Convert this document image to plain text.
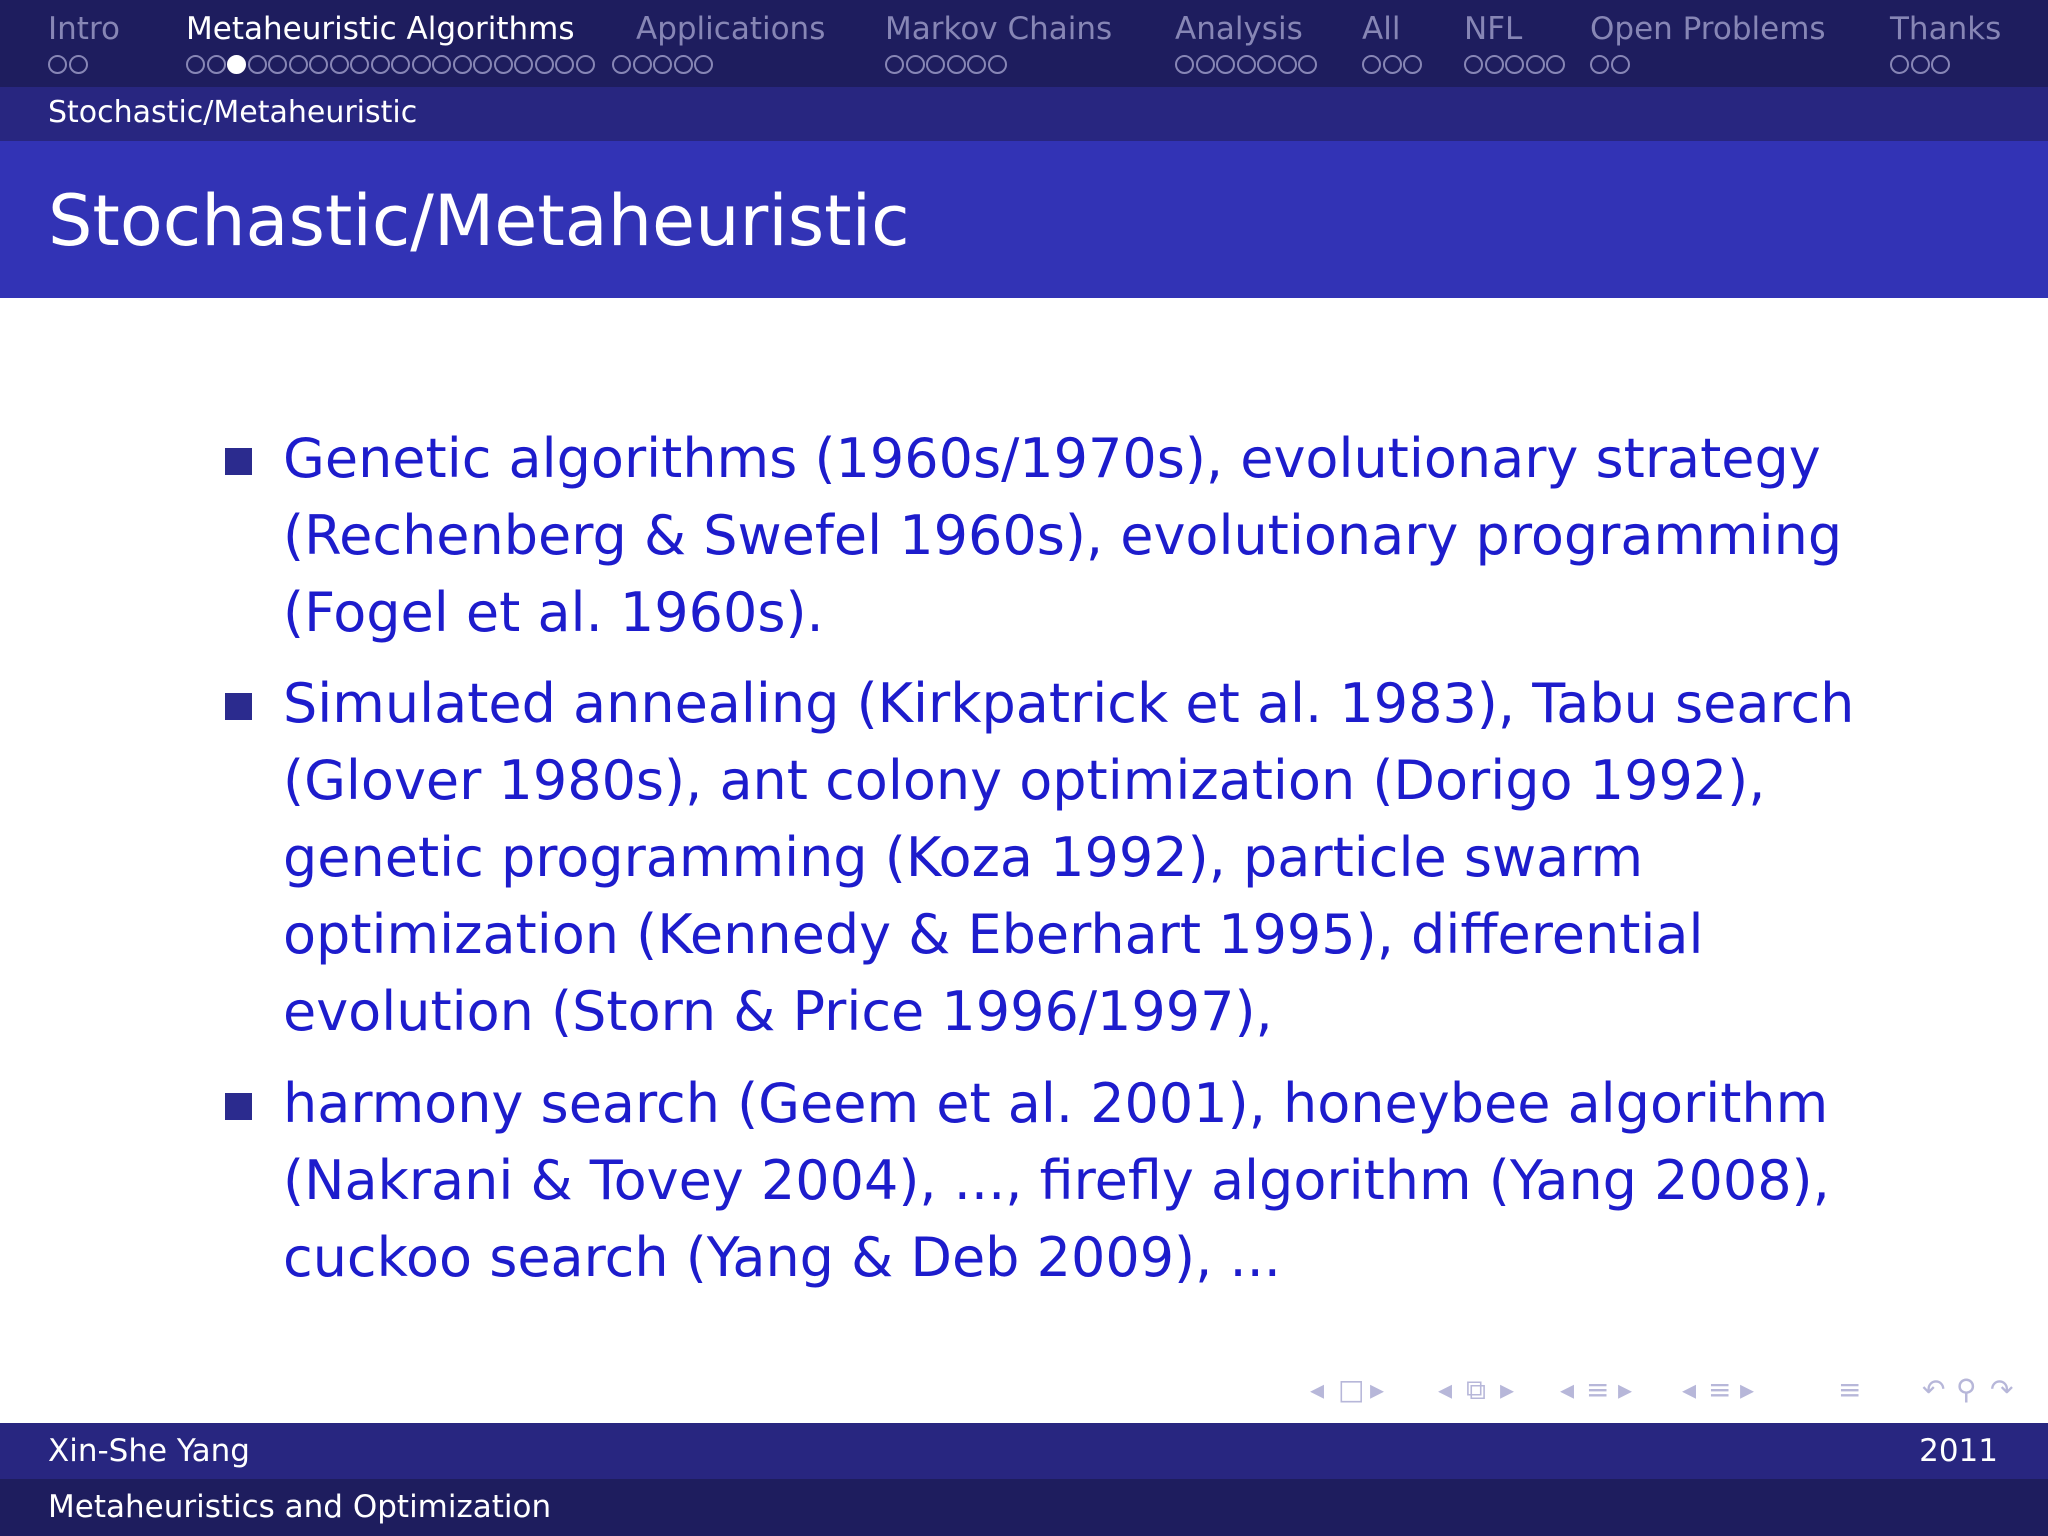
Intro Metaheuristic Algorithms	Applications Markov Chains Analysis	All	NFL	Open Problems Thanks
Stochastic/Metaheuristic
Stochastic/Metaheuristic
Genetic algorithms (1960s/1970s), evolutionary strategy
(Rechenberg & Swefel 1960s), evolutionary programming
(Fogel et al. 1960s).
Simulated annealing (Kirkpatrick et al. 1983), Tabu search
(Glover 1980s), ant colony optimization (Dorigo 1992),
genetic programming (Koza 1992), particle swarm
optimization (Kennedy & Eberhart 1995), differential
evolution (Storn & Price 1996/1997),
harmony search (Geem et al. 2001), honeybee algorithm
(Nakrani & Tovey 2004), ..., firefly algorithm (Yang 2008),
cuckoo search (Yang & Deb 2009), ...
◂ □ ▸ ◂ ⧉ ▸ ◂ ≡ ▸ ◂ ≡ ▸	≡ ↶ ⚲ ↷
Xin-She Yang	2011
Metaheuristics and Optimization
